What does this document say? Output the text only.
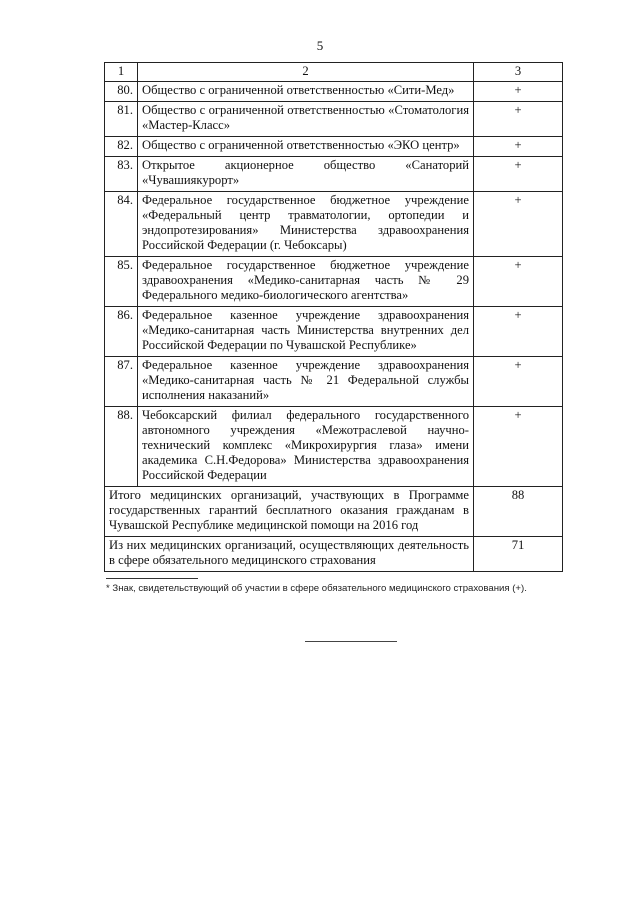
5
1	2	3
80.	Общество с ограниченной ответственностью «Сити-Мед»	+
81.	Общество с ограниченной ответственностью «Стоматология «Мастер-Класс»	+
82.	Общество с ограниченной ответственностью «ЭКО центр»	+
83.	Открытое акционерное общество «Санаторий «Чувашиякурорт»	+
84.	Федеральное государственное бюджетное учреждение «Федеральный центр травматологии, ортопедии и эндопротезирования» Министерства здравоохранения Российской Федерации (г. Чебоксары)	+
85.	Федеральное государственное бюджетное учреждение здравоохранения «Медико-санитарная часть № 29 Федерального медико-биологического агентства»	+
86.	Федеральное казенное учреждение здравоохранения «Медико-санитарная часть Министерства внутренних дел Российской Федерации по Чувашской Республике»	+
87.	Федеральное казенное учреждение здравоохранения «Медико-санитарная часть № 21 Федеральной службы исполнения наказаний»	+
88.	Чебоксарский филиал федерального государственного автономного учреждения «Межотраслевой научно-технический комплекс «Микрохирургия глаза» имени академика С.Н.Федорова» Министерства здравоохранения Российской Федерации	+
Итого медицинских организаций, участвующих в Программе государственных гарантий бесплатного оказания гражданам в Чувашской Республике медицинской помощи на 2016 год		88
Из них медицинских организаций, осуществляющих деятельность в сфере обязательного медицинского страхования		71
* Знак, свидетельствующий об участии в сфере обязательного медицинского страхования (+).
